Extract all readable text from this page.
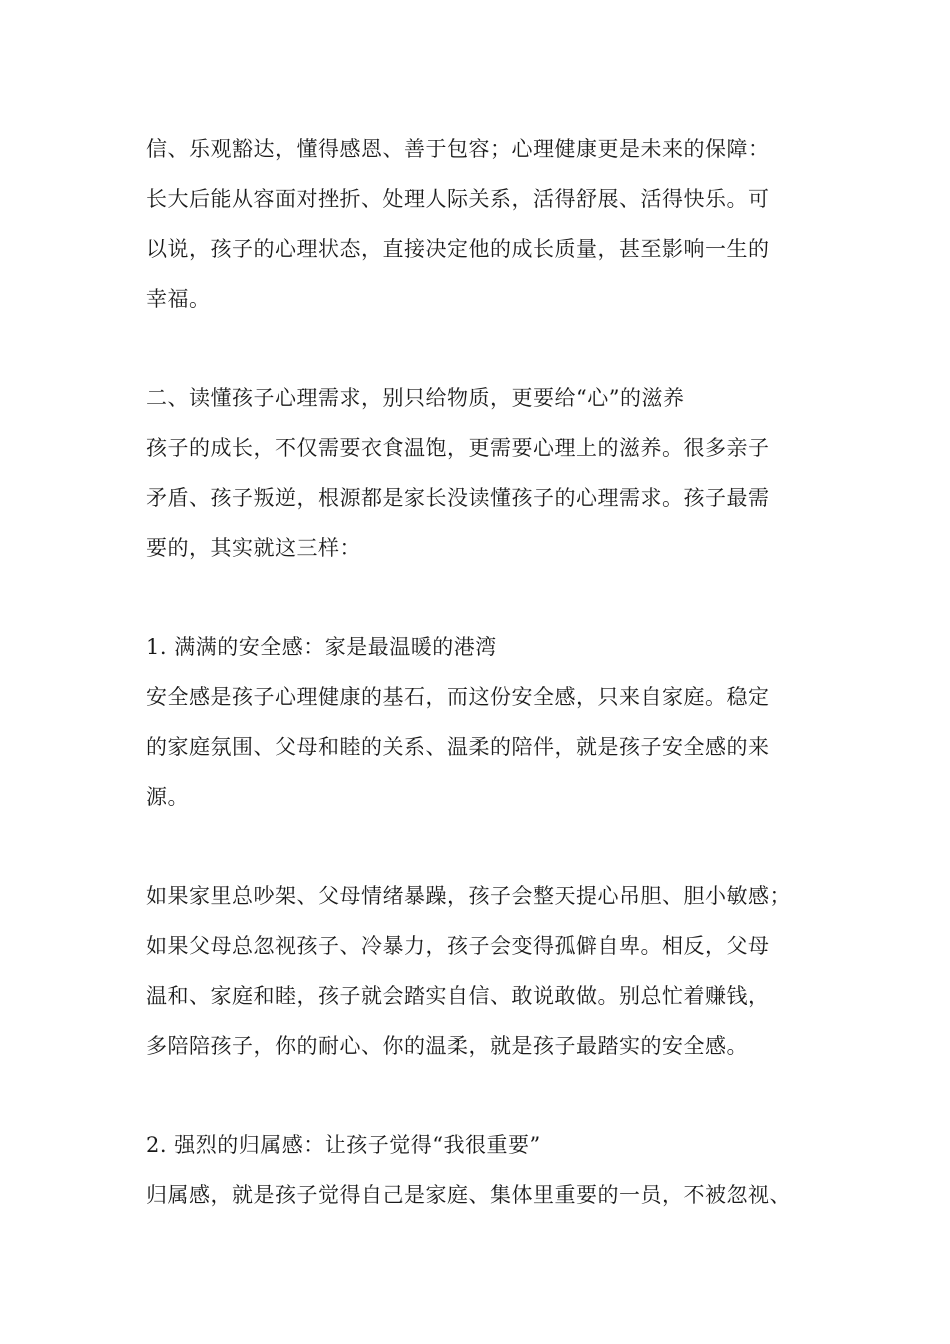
信、乐观豁达，懂得感恩、善于包容；心理健康更是未来的保障：
长大后能从容面对挫折、处理人际关系，活得舒展、活得快乐。可
以说，孩子的心理状态，直接决定他的成长质量，甚至影响一生的
幸福。
二、读懂孩子心理需求，别只给物质，更要给“心”的滋养
孩子的成长，不仅需要衣食温饱，更需要心理上的滋养。很多亲子
矛盾、孩子叛逆，根源都是家长没读懂孩子的心理需求。孩子最需
要的，其实就这三样：
1. 满满的安全感：家是最温暖的港湾
安全感是孩子心理健康的基石，而这份安全感，只来自家庭。稳定
的家庭氛围、父母和睦的关系、温柔的陪伴，就是孩子安全感的来
源。
如果家里总吵架、父母情绪暴躁，孩子会整天提心吊胆、胆小敏感；
如果父母总忽视孩子、冷暴力，孩子会变得孤僻自卑。相反，父母
温和、家庭和睦，孩子就会踏实自信、敢说敢做。别总忙着赚钱，
多陪陪孩子，你的耐心、你的温柔，就是孩子最踏实的安全感。
2. 强烈的归属感：让孩子觉得“我很重要”
归属感，就是孩子觉得自己是家庭、集体里重要的一员，不被忽视、
